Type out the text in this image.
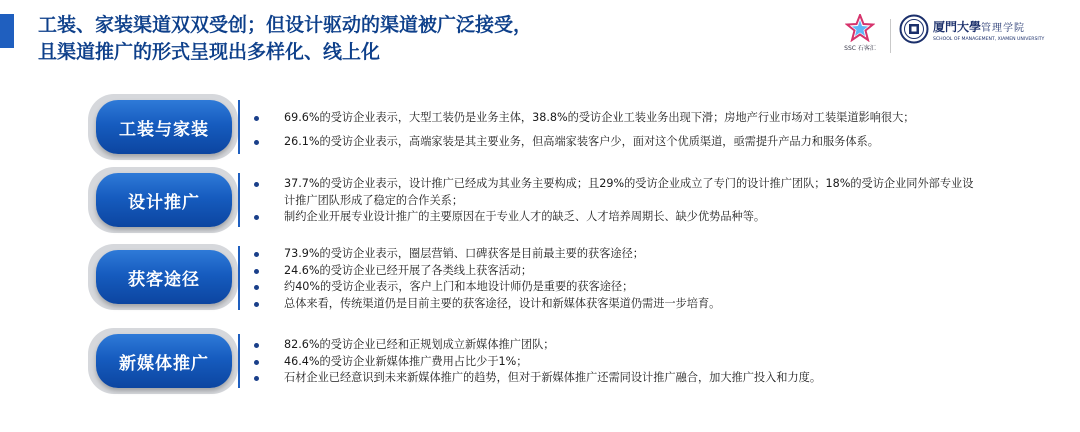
工装、家装渠道双双受创；但设计驱动的渠道被广泛接受，
且渠道推广的形式呈现出多样化、线上化	SSC 石客汇
厦門大學管理学院
SCHOOL OF MANAGEMENT, XIAMEN UNIVERSITY
工装与家装
69.6%的受访企业表示，大型工装仍是业务主体，38.8%的受访企业工装业务出现下滑；房地产行业市场对工装渠道影响很大；
26.1%的受访企业表示，高端家装是其主要业务，但高端家装客户少，面对这个优质渠道，亟需提升产品力和服务体系。
设计推广
37.7%的受访企业表示，设计推广已经成为其业务主要构成；且29%的受访企业成立了专门的设计推广团队；18%的受访企业同外部专业设计推广团队形成了稳定的合作关系；
制约企业开展专业设计推广的主要原因在于专业人才的缺乏、人才培养周期长、缺少优势品种等。
获客途径
73.9%的受访企业表示，圈层营销、口碑获客是目前最主要的获客途径；
24.6%的受访企业已经开展了各类线上获客活动；
约40%的受访企业表示，客户上门和本地设计师仍是重要的获客途径；
总体来看，传统渠道仍是目前主要的获客途径，设计和新媒体获客渠道仍需进一步培育。
新媒体推广
82.6%的受访企业已经和正规划成立新媒体推广团队；
46.4%的受访企业新媒体推广费用占比少于1%；
石材企业已经意识到未来新媒体推广的趋势，但对于新媒体推广还需同设计推广融合，加大推广投入和力度。
